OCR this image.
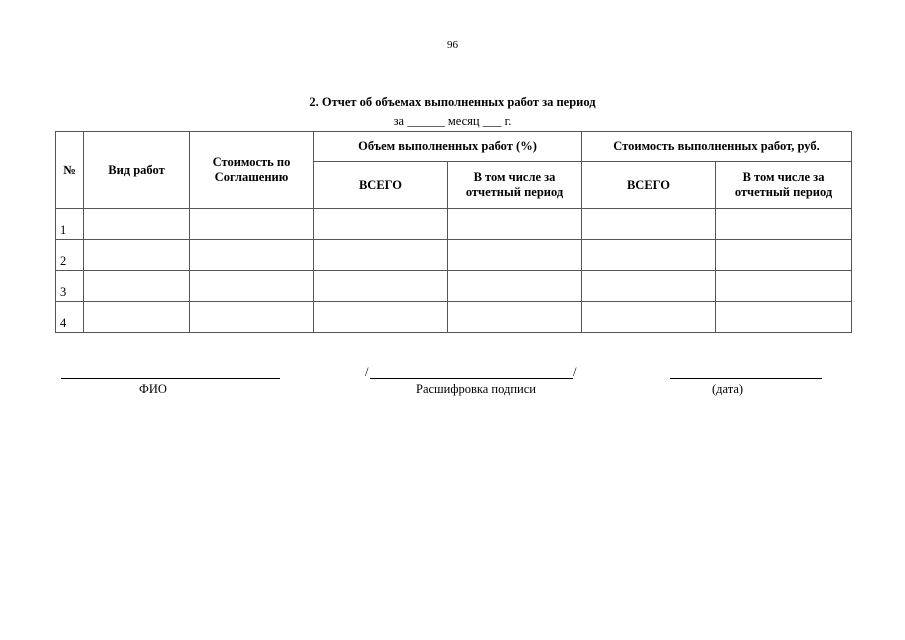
96
2. Отчет об объемах выполненных работ за период
за ______ месяц ___ г.
№	Вид работ	Стоимость по Соглашению	Объем выполненных работ (%)		Стоимость выполненных работ, руб.	
			ВСЕГО	В том числе за отчетный период	ВСЕГО	В том числе за отчетный период
1						
2						
3						
4						
ФИО
/	/
Расшифровка подписи	(дата)
